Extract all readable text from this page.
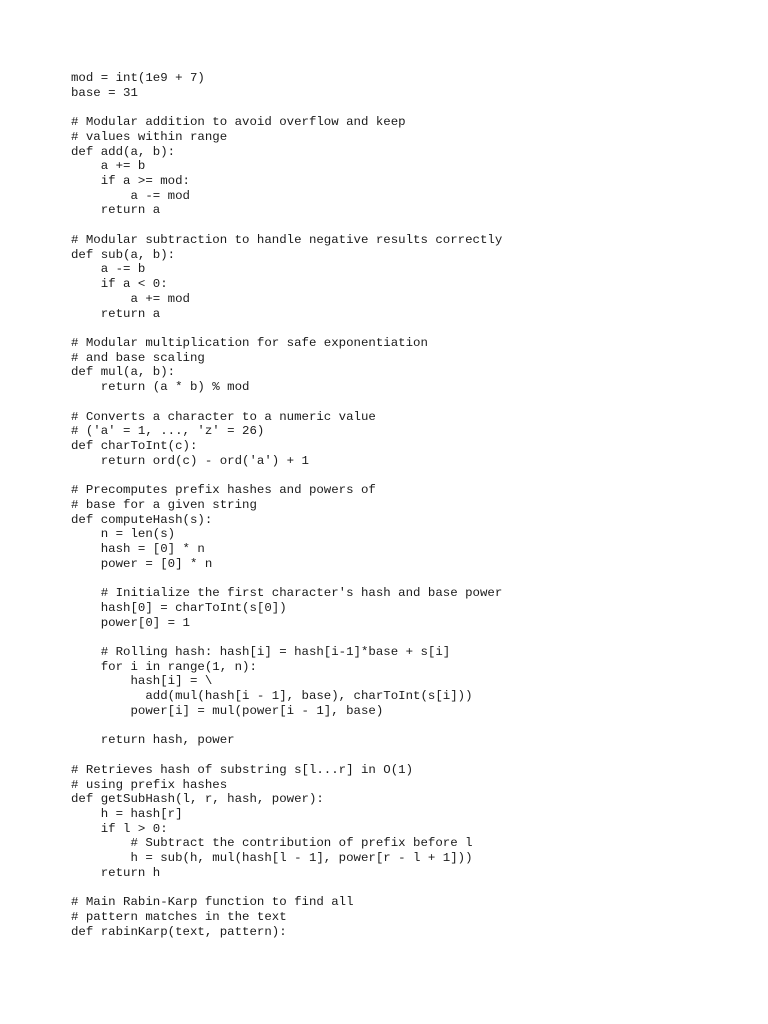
mod = int(1e9 + 7)
base = 31
# Modular addition to avoid overflow and keep
# values within range
def add(a, b):
a += b
if a >= mod:
a -= mod
return a
# Modular subtraction to handle negative results correctly
def sub(a, b):
a -= b
if a < 0:
a += mod
return a
# Modular multiplication for safe exponentiation
# and base scaling
def mul(a, b):
return (a * b) % mod
# Converts a character to a numeric value
# ('a' = 1, ..., 'z' = 26)
def charToInt(c):
return ord(c) - ord('a') + 1
# Precomputes prefix hashes and powers of
# base for a given string
def computeHash(s):
n = len(s)
hash = [0] * n
power = [0] * n
# Initialize the first character's hash and base power
hash[0] = charToInt(s[0])
power[0] = 1
# Rolling hash: hash[i] = hash[i-1]*base + s[i]
for i in range(1, n):
hash[i] = \
add(mul(hash[i - 1], base), charToInt(s[i]))
power[i] = mul(power[i - 1], base)
return hash, power
# Retrieves hash of substring s[l...r] in O(1)
# using prefix hashes
def getSubHash(l, r, hash, power):
h = hash[r]
if l > 0:
# Subtract the contribution of prefix before l
h = sub(h, mul(hash[l - 1], power[r - l + 1]))
return h
# Main Rabin-Karp function to find all
# pattern matches in the text
def rabinKarp(text, pattern):
